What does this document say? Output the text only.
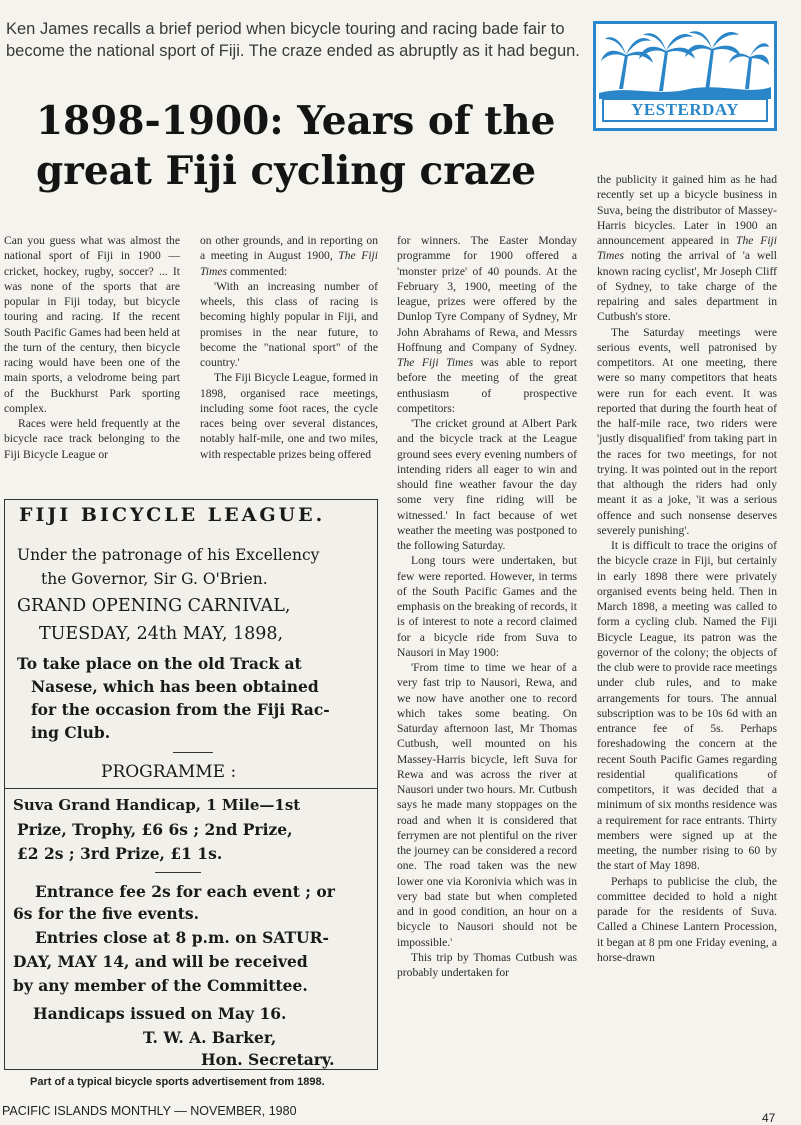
Ken James recalls a brief period when bicycle touring and racing bade fair to become the national sport of Fiji. The craze ended as abruptly as it had begun.
YESTERDAY
1898-1900: Years of the great Fiji cycling craze

Can you guess what was almost the national sport of Fiji in 1900 — cricket, hockey, rugby, soccer? ... It was none of the sports that are popular in Fiji today, but bicycle touring and racing. If the recent South Pacific Games had been held at the turn of the century, then bicycle racing would have been one of the main sports, a velodrome being part of the Buckhurst Park sporting complex.

Races were held frequently at the bicycle race track belonging to the Fiji Bicycle League or

on other grounds, and in reporting on a meeting in August 1900, The Fiji Times commented:

'With an increasing number of wheels, this class of racing is becoming highly popular in Fiji, and promises in the near future, to become the "national sport" of the country.'

The Fiji Bicycle League, formed in 1898, organised race meetings, including some foot races, the cycle races being over several distances, notably half-mile, one and two miles, with respectable prizes being offered

for winners. The Easter Monday programme for 1900 offered a 'monster prize' of 40 pounds. At the February 3, 1900, meeting of the league, prizes were offered by the Dunlop Tyre Company of Sydney, Mr John Abrahams of Rewa, and Messrs Hoffnung and Company of Sydney. The Fiji Times was able to report before the meeting of the great enthusiasm of prospective competitors:

'The cricket ground at Albert Park and the bicycle track at the League ground sees every evening numbers of intending riders all eager to win and should fine weather favour the day some very fine riding will be witnessed.' In fact because of wet weather the meeting was postponed to the following Saturday.

Long tours were undertaken, but few were reported. However, in terms of the South Pacific Games and the emphasis on the breaking of records, it is of interest to note a record claimed for a bicycle ride from Suva to Nausori in May 1900:

'From time to time we hear of a very fast trip to Nausori, Rewa, and we now have another one to record which takes some beating. On Saturday afternoon last, Mr Thomas Cutbush, well mounted on his Massey-Harris bicycle, left Suva for Rewa and was across the river at Nausori under two hours. Mr. Cutbush says he made many stoppages on the road and when it is considered that ferrymen are not plentiful on the river the journey can be considered a record one. The road taken was the new lower one via Koronivia which was in very bad state but when completed and in good condition, an hour on a bicycle to Nausori should not be impossible.'

This trip by Thomas Cutbush was probably undertaken for

the publicity it gained him as he had recently set up a bicycle business in Suva, being the distributor of Massey-Harris bicycles. Later in 1900 an announcement appeared in The Fiji Times noting the arrival of 'a well known racing cyclist', Mr Joseph Cliff of Sydney, to take charge of the repairing and sales department in Cutbush's store.

The Saturday meetings were serious events, well patronised by competitors. At one meeting, there were so many competitors that heats were run for each event. It was reported that during the fourth heat of the half-mile race, two riders were 'justly disqualified' from taking part in the races for two meetings, for not trying. It was pointed out in the report that although the riders had only meant it as a joke, 'it was a serious offence and such nonsense deserves severely punishing'.

It is difficult to trace the origins of the bicycle craze in Fiji, but certainly in early 1898 there were privately organised events being held. Then in March 1898, a meeting was called to form a cycling club. Named the Fiji Bicycle League, its patron was the governor of the colony; the objects of the club were to provide race meetings under club rules, and to make arrangements for tours. The annual subscription was to be 10s 6d with an entrance fee of 5s. Perhaps foreshadowing the concern at the recent South Pacific Games regarding residential qualifications of competitors, it was decided that a minimum of six months residence was a requirement for race entrants. Thirty members were signed up at the meeting, the number rising to 60 by the start of May 1898.

Perhaps to publicise the club, the committee decided to hold a night parade for the residents of Suva. Called a Chinese Lantern Procession, it began at 8 pm one Friday evening, a horse-drawn

FIJI BICYCLE LEAGUE.
Under the patronage of his Excellency
the Governor, Sir G. O'Brien.
GRAND OPENING CARNIVAL,
TUESDAY, 24th MAY, 1898,
To take place on the old Track at
Nasese, which has been obtained
for the occasion from the Fiji Rac-
ing Club.
PROGRAMME :
Suva Grand Handicap, 1 Mile—1st
Prize, Trophy, £6 6s ; 2nd Prize,
£2 2s ; 3rd Prize, £1 1s.
Entrance fee 2s for each event ; or
6s for the five events.
Entries close at 8 p.m. on SATUR-
DAY, MAY 14, and will be received
by any member of the Committee.
Handicaps issued on May 16.
T. W. A. Barker,
Hon. Secretary.
Part of a typical bicycle sports advertisement from 1898.
PACIFIC ISLANDS MONTHLY — NOVEMBER, 1980	47
